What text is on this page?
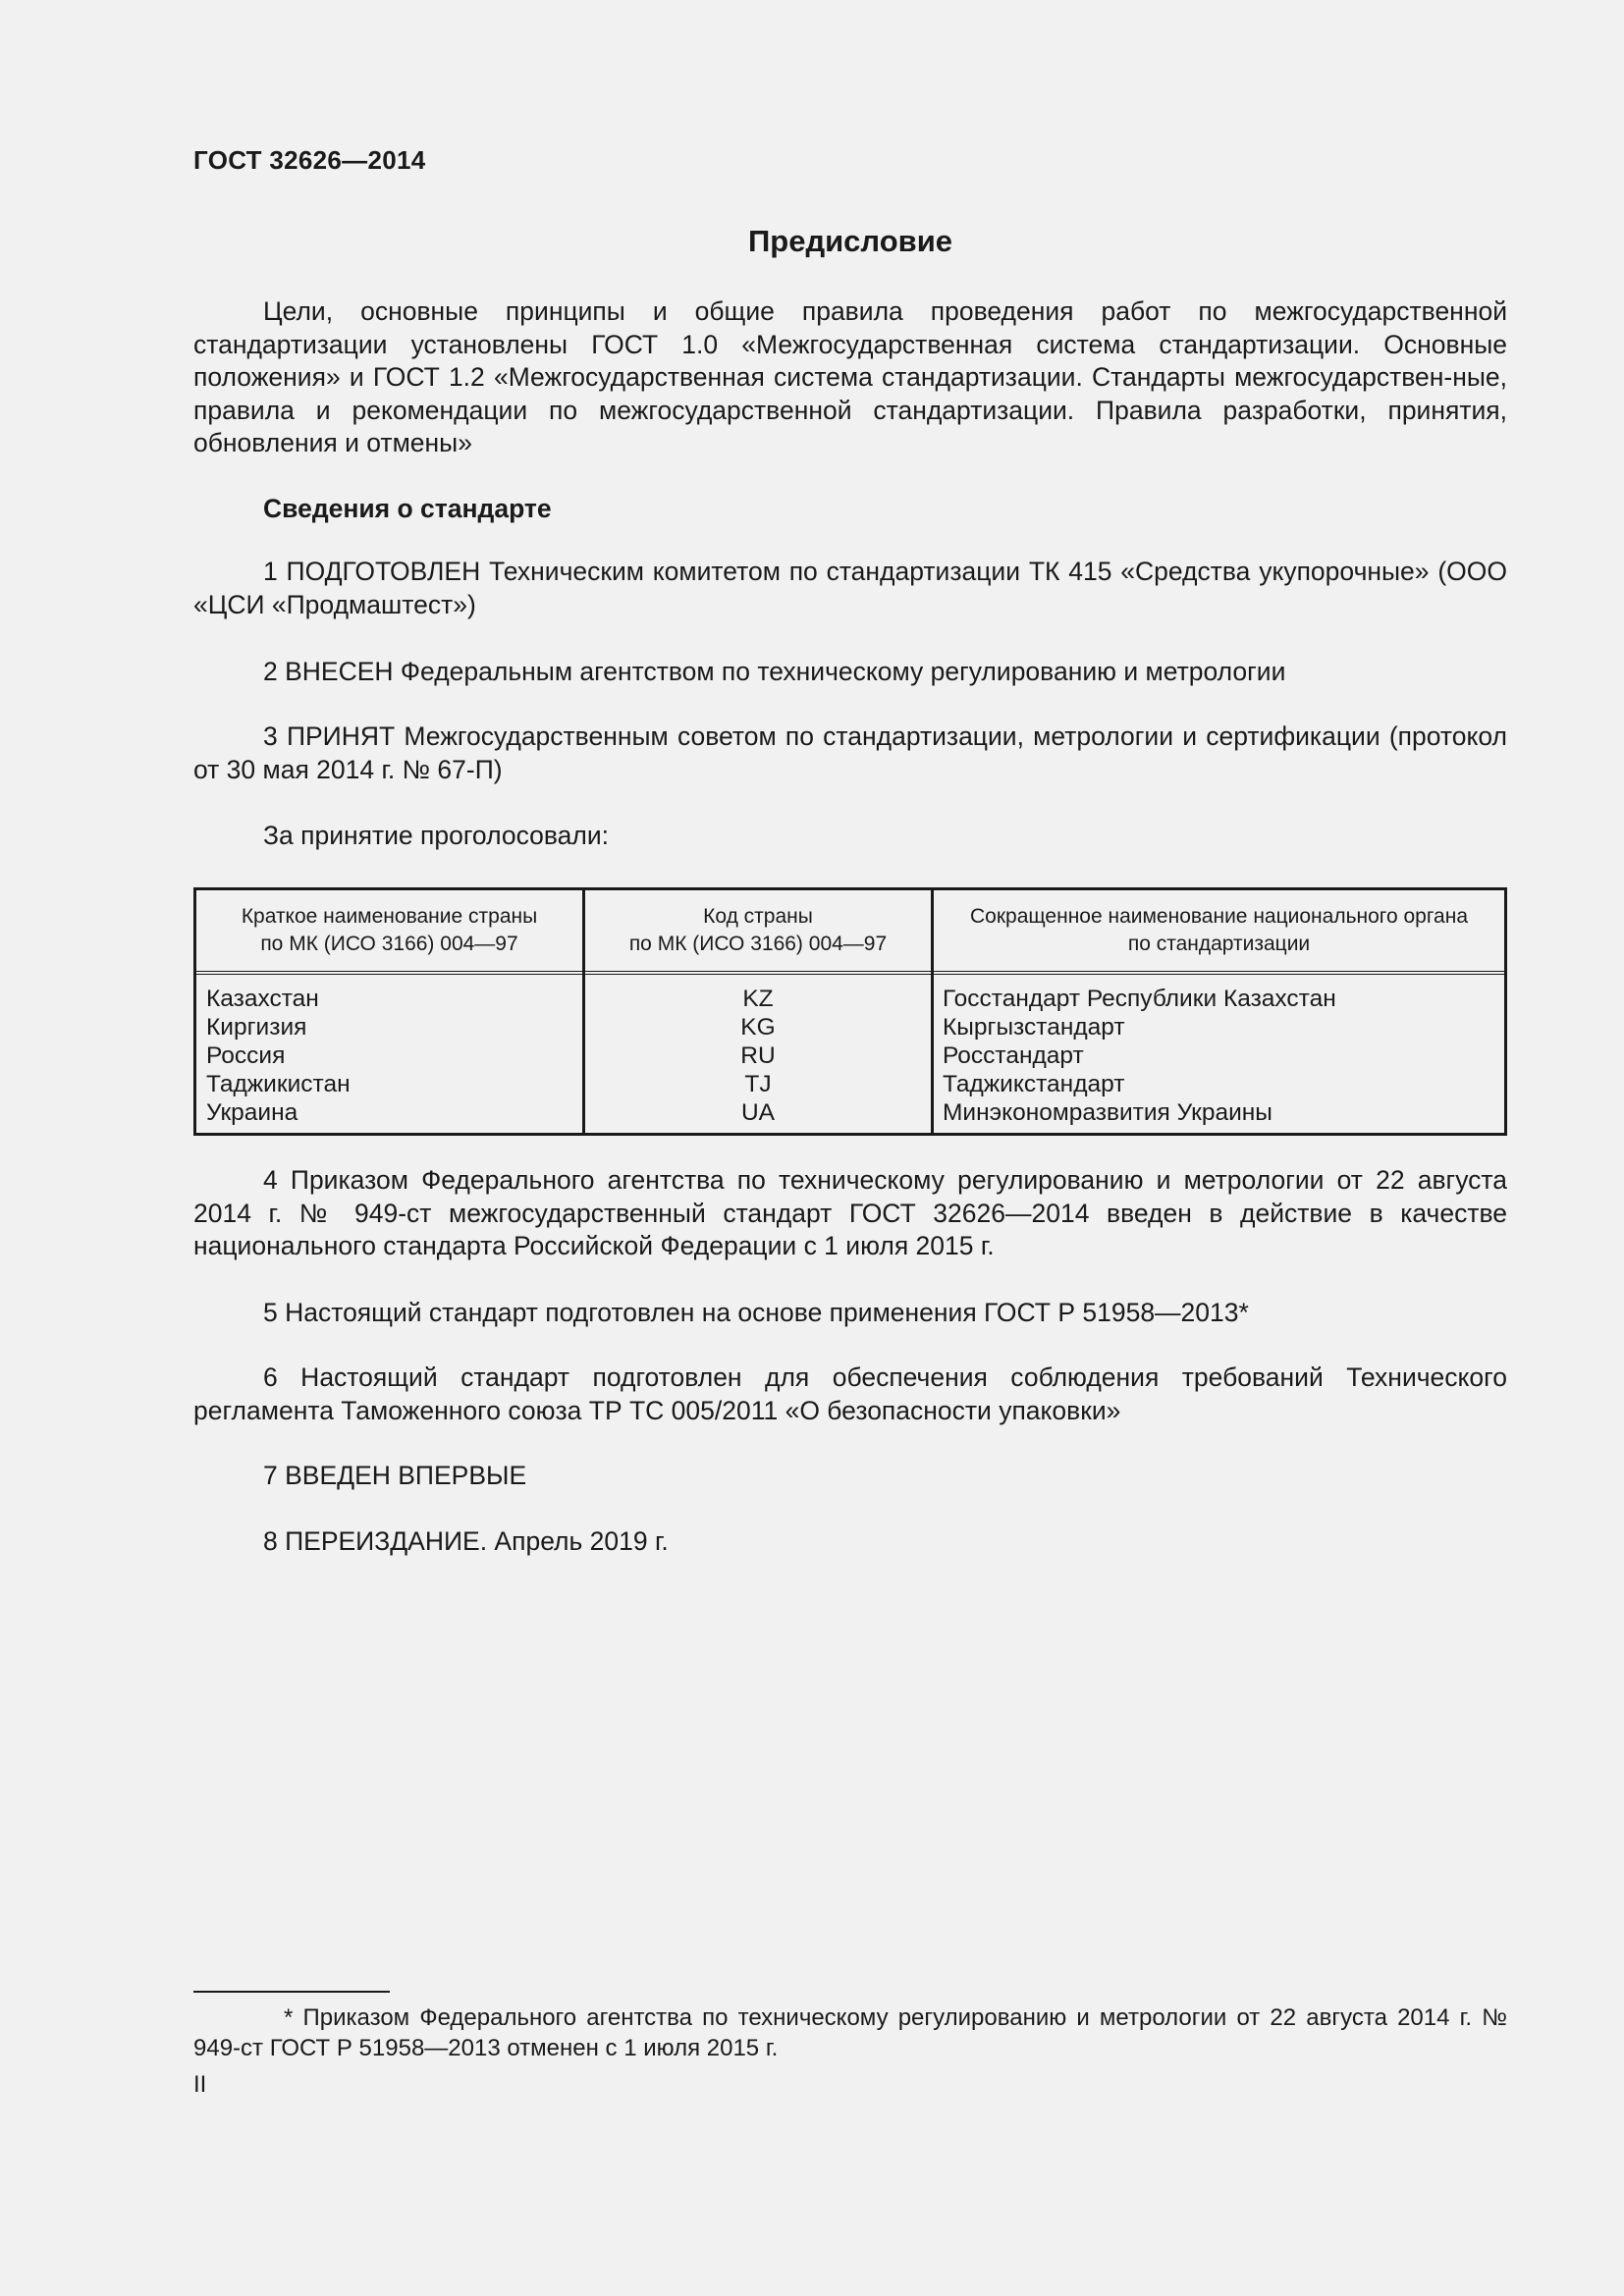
ГОСТ 32626—2014
Предисловие

Цели, основные принципы и общие правила проведения работ по межгосударственной стандартизации установлены ГОСТ 1.0 «Межгосударственная система стандартизации. Основные положения» и ГОСТ 1.2 «Межгосударственная система стандартизации. Стандарты межгосударствен-ные, правила и рекомендации по межгосударственной стандартизации. Правила разработки, принятия, обновления и отмены»

Сведения о стандарте

1 ПОДГОТОВЛЕН Техническим комитетом по стандартизации ТК 415 «Средства укупорочные» (ООО «ЦСИ «Продмаштест»)

2 ВНЕСЕН Федеральным агентством по техническому регулированию и метрологии

3 ПРИНЯТ Межгосударственным советом по стандартизации, метрологии и сертификации (протокол от 30 мая 2014 г. № 67-П)

За принятие проголосовали:

Краткое наименование страны
по МК (ИСО 3166) 004—97
Код страны
по МК (ИСО 3166) 004—97
Сокращенное наименование национального органа
по стандартизации
Казахстан
Киргизия
Россия
Таджикистан
Украина
KZ
KG
RU
TJ
UA
Госстандарт Республики Казахстан
Кыргызстандарт
Росстандарт
Таджикстандарт
Минэкономразвития Украины

4 Приказом Федерального агентства по техническому регулированию и метрологии от 22 августа 2014 г. № 949-ст межгосударственный стандарт ГОСТ 32626—2014 введен в действие в качестве национального стандарта Российской Федерации с 1 июля 2015 г.

5 Настоящий стандарт подготовлен на основе применения ГОСТ Р 51958—2013*

6 Настоящий стандарт подготовлен для обеспечения соблюдения требований Технического регламента Таможенного союза ТР ТС 005/2011 «О безопасности упаковки»

7 ВВЕДЕН ВПЕРВЫЕ

8 ПЕРЕИЗДАНИЕ. Апрель 2019 г.

* Приказом Федерального агентства по техническому регулированию и метрологии от 22 августа 2014 г. № 949-ст ГОСТ Р 51958—2013 отменен с 1 июля 2015 г.

II
